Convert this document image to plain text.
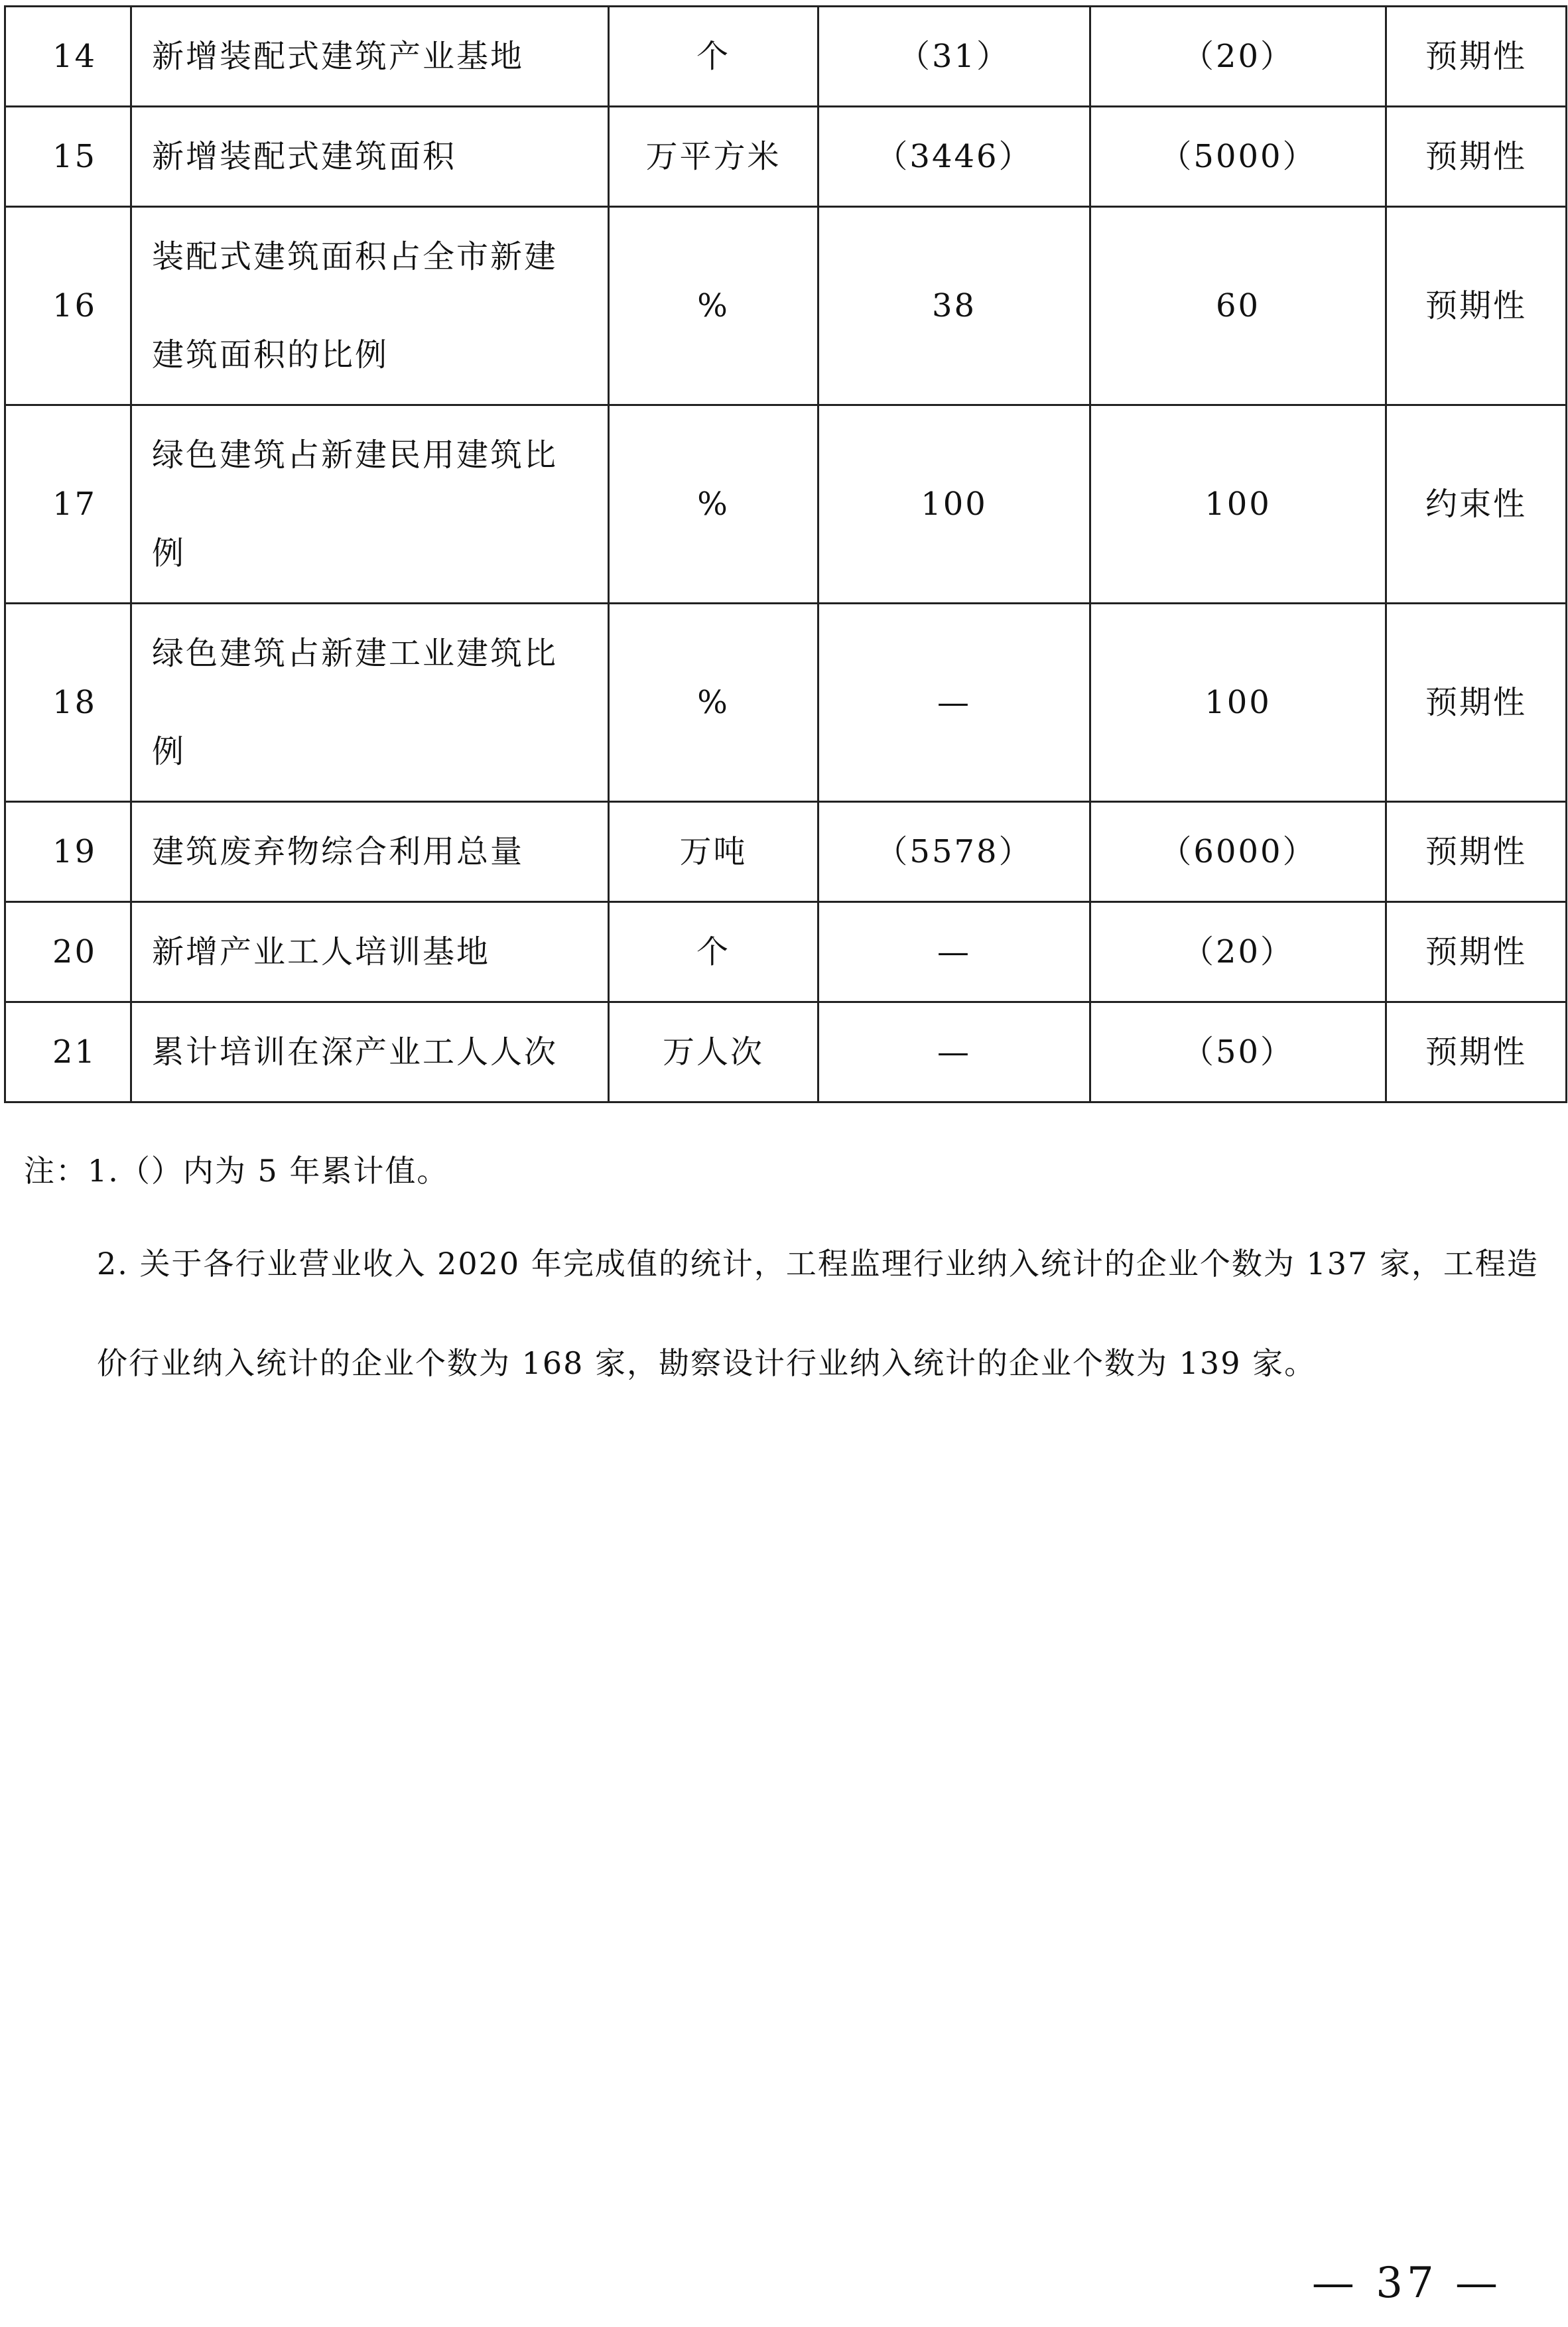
14	新增装配式建筑产业基地	个	（31）	（20）	预期性
15	新增装配式建筑面积	万平方米	（3446）	（5000）	预期性
16	装配式建筑面积占全市新建建筑面积的比例	%	38	60	预期性
17	绿色建筑占新建民用建筑比例	%	100	100	约束性
18	绿色建筑占新建工业建筑比例	%	—	100	预期性
19	建筑废弃物综合利用总量	万吨	（5578）	（6000）	预期性
20	新增产业工人培训基地	个	—	（20）	预期性
21	累计培训在深产业工人人次	万人次	—	（50）	预期性
注：1.（）内为 5 年累计值。
2. 关于各行业营业收入 2020 年完成值的统计，工程监理行业纳入统计的企业个数为 137 家，工程造
价行业纳入统计的企业个数为 168 家，勘察设计行业纳入统计的企业个数为 139 家。
— 37 —
